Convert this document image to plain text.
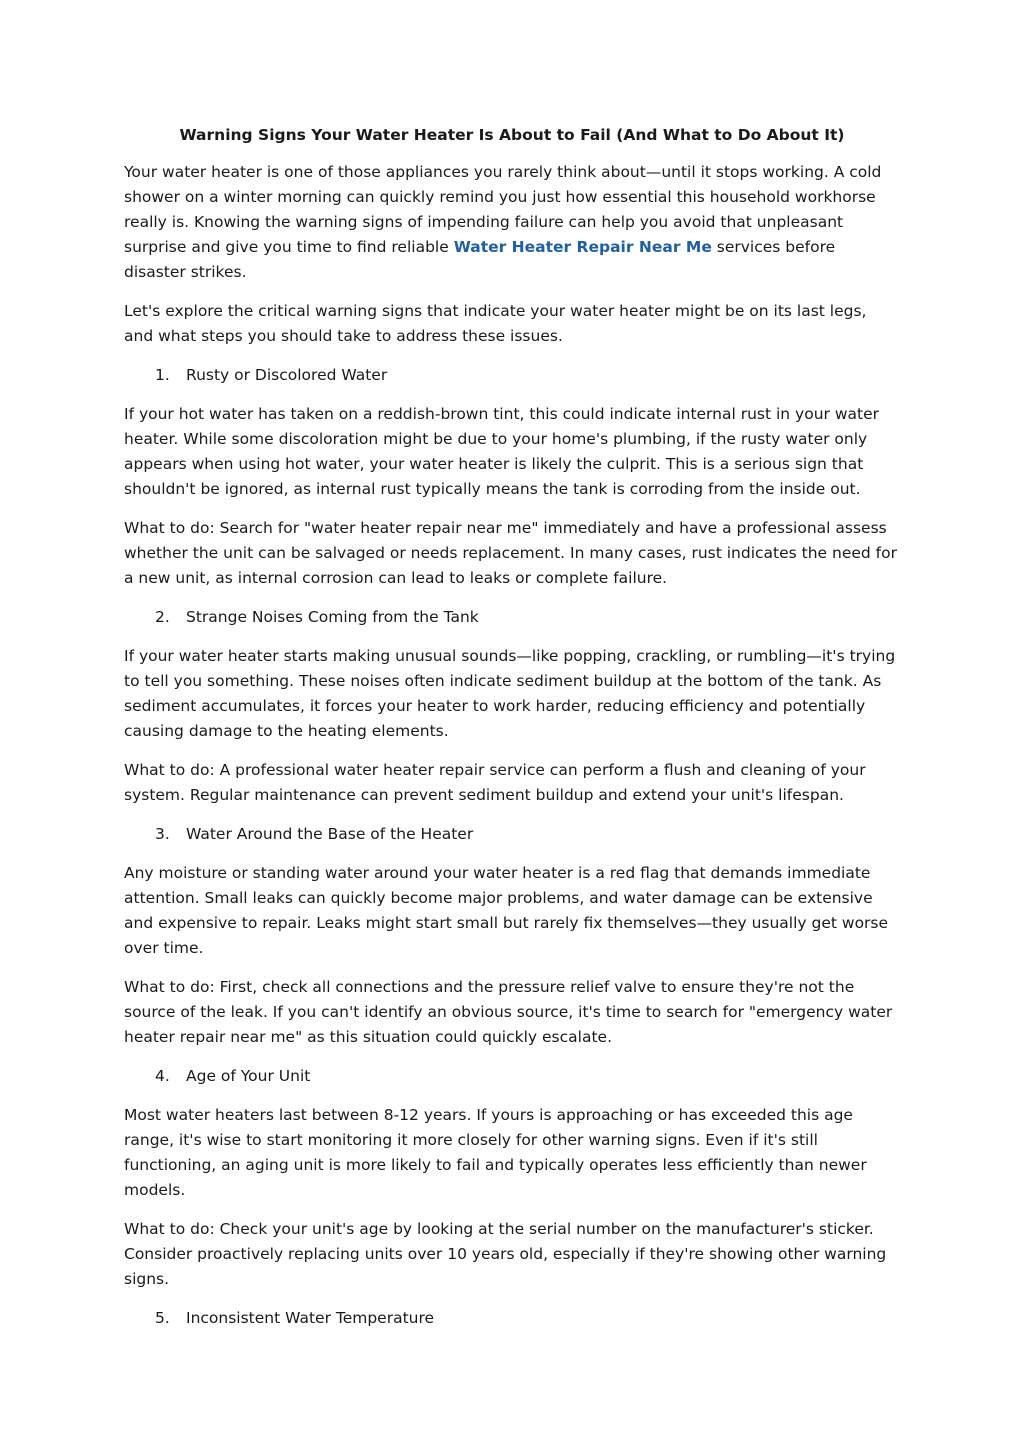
Warning Signs Your Water Heater Is About to Fail (And What to Do About It)

Your water heater is one of those appliances you rarely think about—until it stops working. A cold shower on a winter morning can quickly remind you just how essential this household workhorse really is. Knowing the warning signs of impending failure can help you avoid that unpleasant surprise and give you time to find reliable Water Heater Repair Near Me services before disaster strikes.

Let's explore the critical warning signs that indicate your water heater might be on its last legs, and what steps you should take to address these issues.

1. Rusty or Discolored Water

If your hot water has taken on a reddish-brown tint, this could indicate internal rust in your water heater. While some discoloration might be due to your home's plumbing, if the rusty water only appears when using hot water, your water heater is likely the culprit. This is a serious sign that shouldn't be ignored, as internal rust typically means the tank is corroding from the inside out.

What to do: Search for "water heater repair near me" immediately and have a professional assess whether the unit can be salvaged or needs replacement. In many cases, rust indicates the need for a new unit, as internal corrosion can lead to leaks or complete failure.

2. Strange Noises Coming from the Tank

If your water heater starts making unusual sounds—like popping, crackling, or rumbling—it's trying to tell you something. These noises often indicate sediment buildup at the bottom of the tank. As sediment accumulates, it forces your heater to work harder, reducing efficiency and potentially causing damage to the heating elements.

What to do: A professional water heater repair service can perform a flush and cleaning of your system. Regular maintenance can prevent sediment buildup and extend your unit's lifespan.

3. Water Around the Base of the Heater

Any moisture or standing water around your water heater is a red flag that demands immediate attention. Small leaks can quickly become major problems, and water damage can be extensive and expensive to repair. Leaks might start small but rarely fix themselves—they usually get worse over time.

What to do: First, check all connections and the pressure relief valve to ensure they're not the source of the leak. If you can't identify an obvious source, it's time to search for "emergency water heater repair near me" as this situation could quickly escalate.

4. Age of Your Unit

Most water heaters last between 8-12 years. If yours is approaching or has exceeded this age range, it's wise to start monitoring it more closely for other warning signs. Even if it's still functioning, an aging unit is more likely to fail and typically operates less efficiently than newer models.

What to do: Check your unit's age by looking at the serial number on the manufacturer's sticker. Consider proactively replacing units over 10 years old, especially if they're showing other warning signs.

5. Inconsistent Water Temperature
